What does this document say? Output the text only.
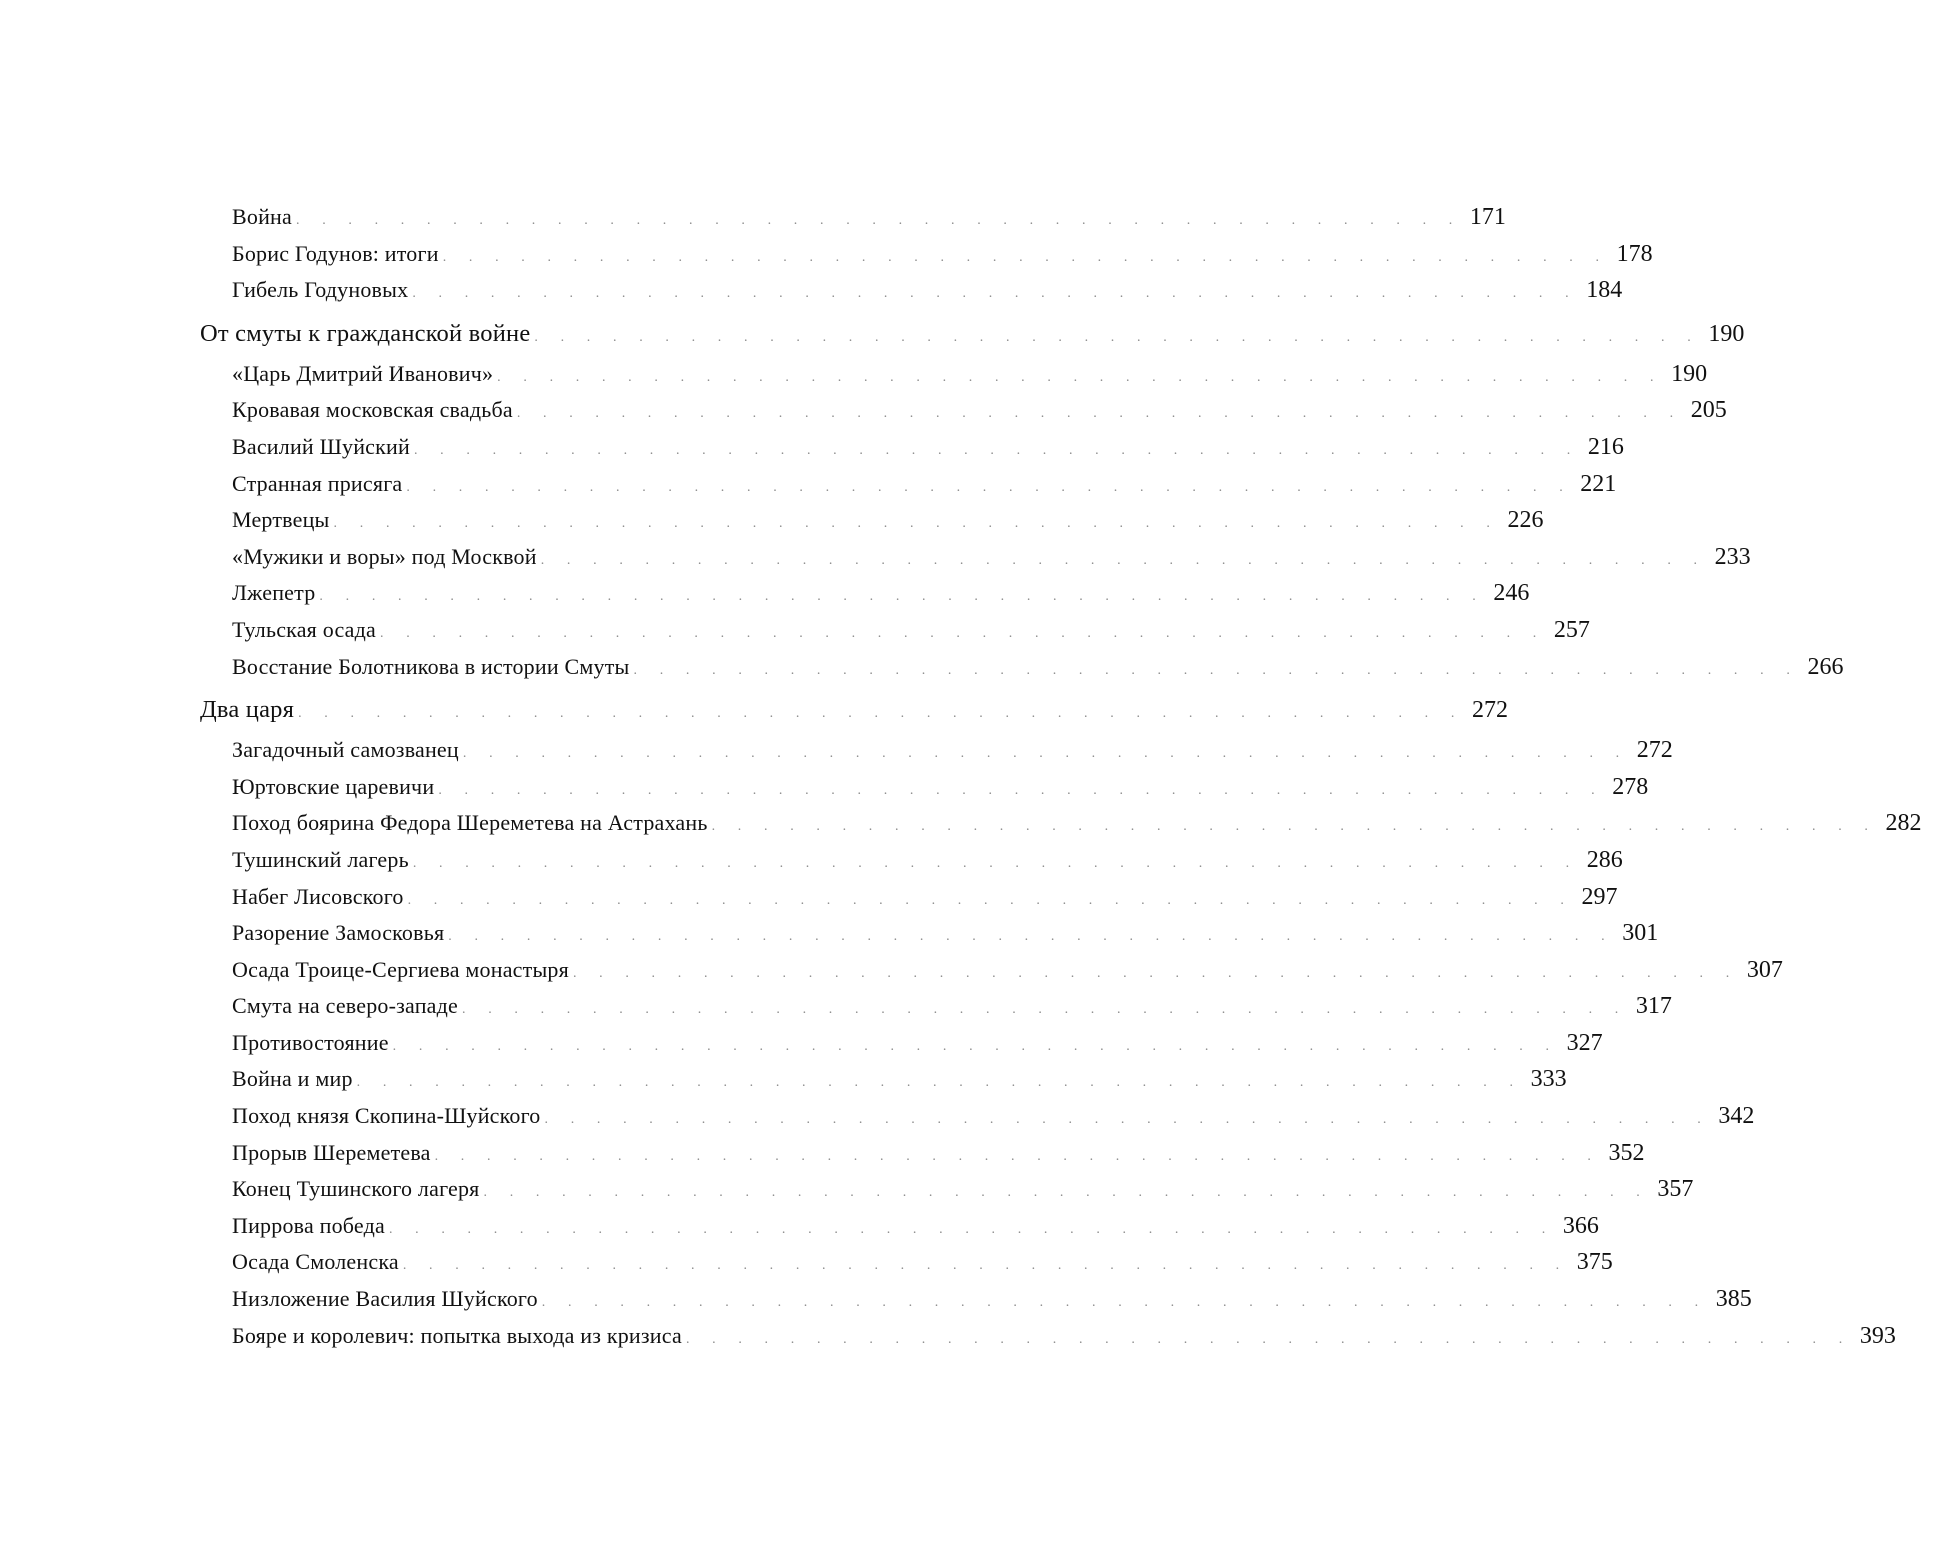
Война . . . . . . . . . . . . . . . . . . . . . . . . . . . . . . . . . . . . . . . . . . . . . 171
Борис Годунов: итоги . . . . . . . . . . . . . . . . . . . . . . . . . . . . . . . . . . . . . . . . . . . . . 178
Гибель Годуновых . . . . . . . . . . . . . . . . . . . . . . . . . . . . . . . . . . . . . . . . . . . . . 184
От смуты к гражданской войне . . . . . . . . . . . . . . . . . . . . . . . . . . . . . . . . . . . . . . . . . . . . . 190
«Царь Дмитрий Иванович» . . . . . . . . . . . . . . . . . . . . . . . . . . . . . . . . . . . . . . . . . . . . . 190
Кровавая московская свадьба . . . . . . . . . . . . . . . . . . . . . . . . . . . . . . . . . . . . . . . . . . . . . 205
Василий Шуйский . . . . . . . . . . . . . . . . . . . . . . . . . . . . . . . . . . . . . . . . . . . . . 216
Странная присяга . . . . . . . . . . . . . . . . . . . . . . . . . . . . . . . . . . . . . . . . . . . . . 221
Мертвецы . . . . . . . . . . . . . . . . . . . . . . . . . . . . . . . . . . . . . . . . . . . . . 226
«Мужики и воры» под Москвой . . . . . . . . . . . . . . . . . . . . . . . . . . . . . . . . . . . . . . . . . . . . . 233
Лжепетр . . . . . . . . . . . . . . . . . . . . . . . . . . . . . . . . . . . . . . . . . . . . . 246
Тульская осада . . . . . . . . . . . . . . . . . . . . . . . . . . . . . . . . . . . . . . . . . . . . . 257
Восстание Болотникова в истории Смуты . . . . . . . . . . . . . . . . . . . . . . . . . . . . . . . . . . . . . . . . . . . . . 266
Два царя . . . . . . . . . . . . . . . . . . . . . . . . . . . . . . . . . . . . . . . . . . . . . 272
Загадочный самозванец . . . . . . . . . . . . . . . . . . . . . . . . . . . . . . . . . . . . . . . . . . . . . 272
Юртовские царевичи . . . . . . . . . . . . . . . . . . . . . . . . . . . . . . . . . . . . . . . . . . . . . 278
Поход боярина Федора Шереметева на Астрахань . . . . . . . . . . . . . . . . . . . . . . . . . . . . . . . . . . . . . . . . . . . . . 282
Тушинский лагерь . . . . . . . . . . . . . . . . . . . . . . . . . . . . . . . . . . . . . . . . . . . . . 286
Набег Лисовского . . . . . . . . . . . . . . . . . . . . . . . . . . . . . . . . . . . . . . . . . . . . . 297
Разорение Замосковья . . . . . . . . . . . . . . . . . . . . . . . . . . . . . . . . . . . . . . . . . . . . . 301
Осада Троице-Сергиева монастыря . . . . . . . . . . . . . . . . . . . . . . . . . . . . . . . . . . . . . . . . . . . . . 307
Смута на северо-западе . . . . . . . . . . . . . . . . . . . . . . . . . . . . . . . . . . . . . . . . . . . . . 317
Противостояние . . . . . . . . . . . . . . . . . . . . . . . . . . . . . . . . . . . . . . . . . . . . . 327
Война и мир . . . . . . . . . . . . . . . . . . . . . . . . . . . . . . . . . . . . . . . . . . . . . 333
Поход князя Скопина-Шуйского . . . . . . . . . . . . . . . . . . . . . . . . . . . . . . . . . . . . . . . . . . . . . 342
Прорыв Шереметева . . . . . . . . . . . . . . . . . . . . . . . . . . . . . . . . . . . . . . . . . . . . . 352
Конец Тушинского лагеря . . . . . . . . . . . . . . . . . . . . . . . . . . . . . . . . . . . . . . . . . . . . . 357
Пиррова победа . . . . . . . . . . . . . . . . . . . . . . . . . . . . . . . . . . . . . . . . . . . . . 366
Осада Смоленска . . . . . . . . . . . . . . . . . . . . . . . . . . . . . . . . . . . . . . . . . . . . . 375
Низложение Василия Шуйского . . . . . . . . . . . . . . . . . . . . . . . . . . . . . . . . . . . . . . . . . . . . . 385
Бояре и королевич: попытка выхода из кризиса . . . . . . . . . . . . . . . . . . . . . . . . . . . . . . . . . . . . . . . . . . . . . 393
